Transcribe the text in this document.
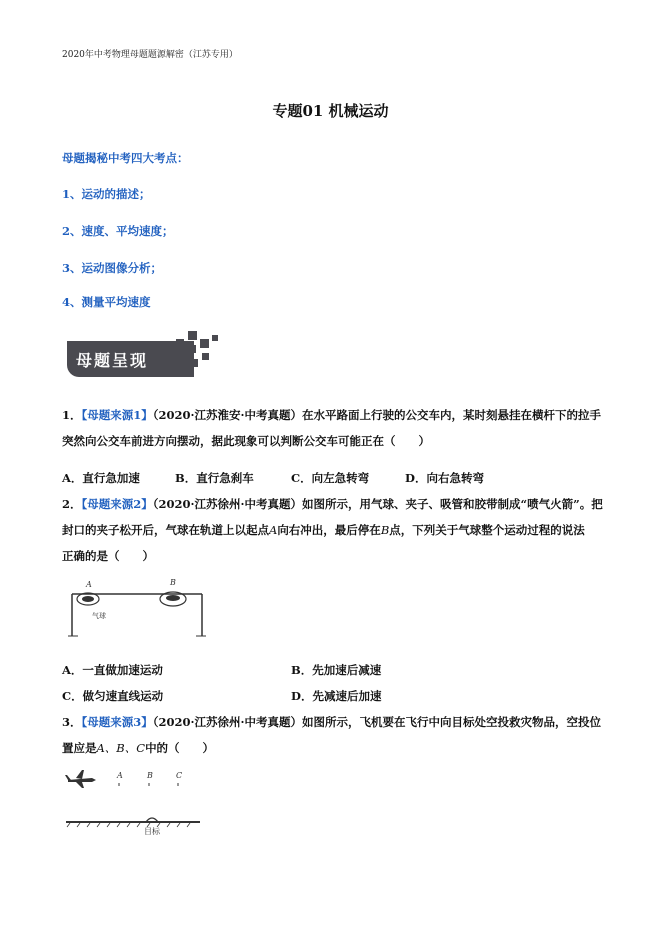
2020年中考物理母题题源解密（江苏专用）
专题01 机械运动
母题揭秘中考四大考点：
1、运动的描述；
2、速度、平均速度；
3、运动图像分析；
4、测量平均速度
母题呈现
1．【母题来源1】（2020·江苏淮安·中考真题）在水平路面上行驶的公交车内，某时刻悬挂在横杆下的拉手
突然向公交车前进方向摆动，据此现象可以判断公交车可能正在（　　）
A．直行急加速	B．直行急刹车	C．向左急转弯	D．向右急转弯
2．【母题来源2】（2020·江苏徐州·中考真题）如图所示，用气球、夹子、吸管和胶带制成“喷气火箭”。把
封口的夹子松开后，气球在轨道上以起点A向右冲出，最后停在B点，下列关于气球整个运动过程的说法
正确的是（　　）
A	B
气球
A．一直做加速运动	B．先加速后减速
C．做匀速直线运动	D．先减速后加速
3．【母题来源3】（2020·江苏徐州·中考真题）如图所示，飞机要在飞行中向目标处空投救灾物品，空投位
置应是A、B、C中的（　　）
A	B	C
目标
